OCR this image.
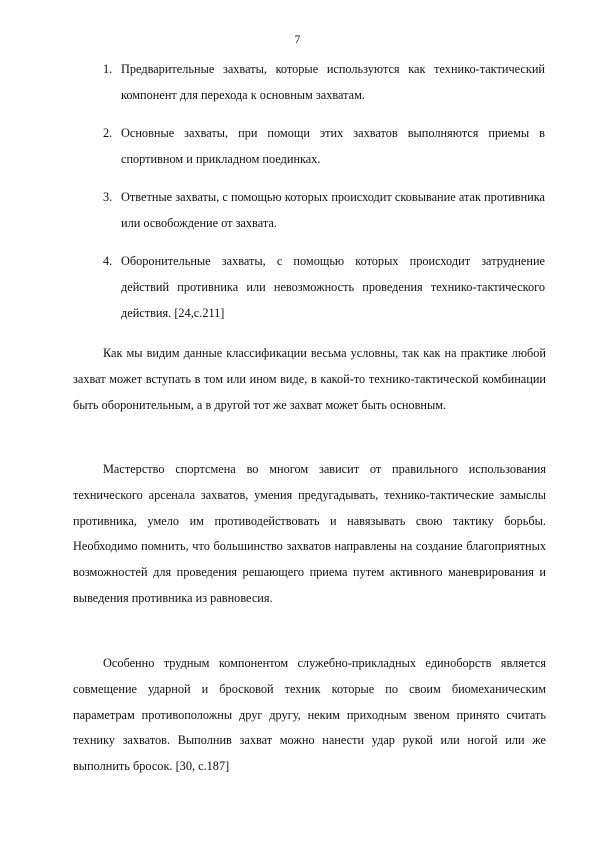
7
1. Предварительные захваты, которые используются как технико-тактический компонент для перехода к основным захватам.
2. Основные захваты, при помощи этих захватов выполняются приемы в спортивном и прикладном поединках.
3. Ответные захваты, с помощью которых происходит сковывание атак противника или освобождение от захвата.
4. Оборонительные захваты, с помощью которых происходит затруднение действий противника или невозможность проведения технико-тактического действия. [24,с.211]

Как мы видим данные классификации весьма условны, так как на практике любой захват может вступать в том или ином виде, в какой-то технико-тактической комбинации быть оборонительным, а в другой тот же захват может быть основным.

Мастерство спортсмена во многом зависит от правильного использования технического арсенала захватов, умения предугадывать, технико-тактические замыслы противника, умело им противодействовать и навязывать свою тактику борьбы. Необходимо помнить, что большинство захватов направлены на создание благоприятных возможностей для проведения решающего приема путем активного маневрирования и выведения противника из равновесия.

Особенно трудным компонентом служебно-прикладных единоборств является совмещение ударной и бросковой техник которые по своим биомеханическим параметрам противоположны друг другу, неким приходным звеном принято считать технику захватов. Выполнив захват можно нанести удар рукой или ногой или же выполнить бросок. [30, с.187]
